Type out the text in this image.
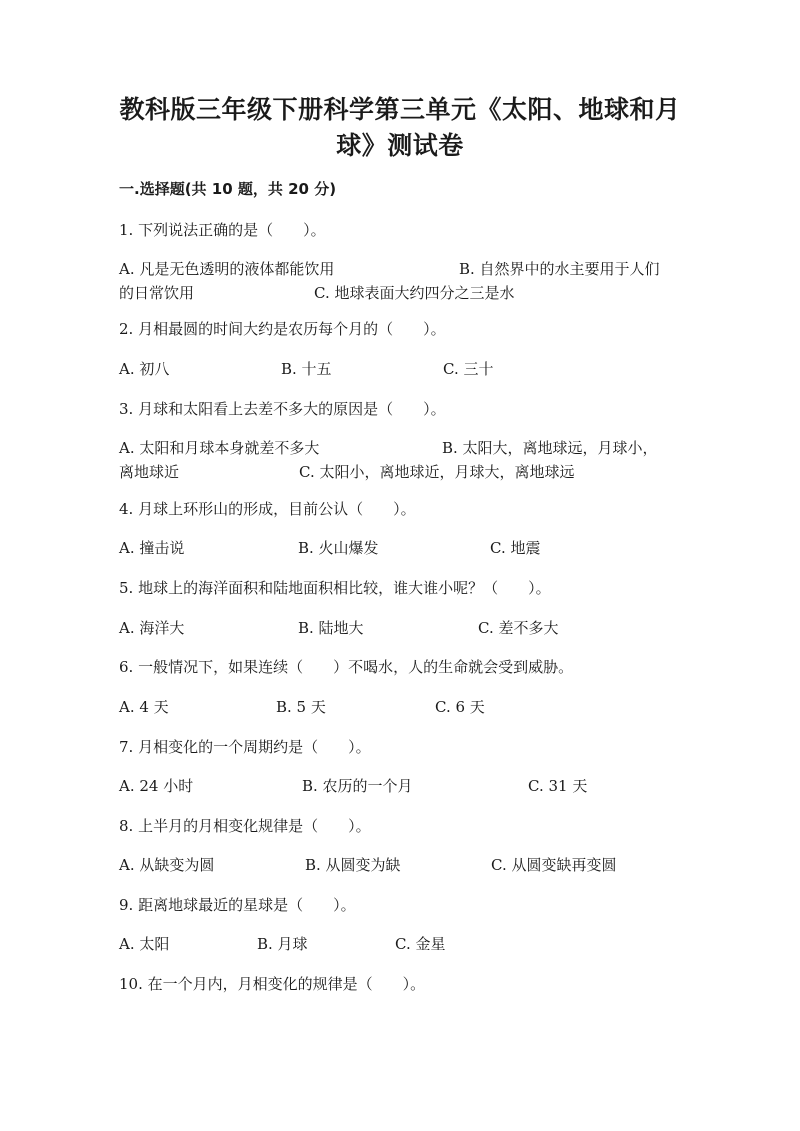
教科版三年级下册科学第三单元《太阳、地球和月球》测试卷
一.选择题(共 10 题，共 20 分)
1. 下列说法正确的是（　　）。
A. 凡是无色透明的液体都能饮用	B. 自然界中的水主要用于人们
的日常饮用	C. 地球表面大约四分之三是水
2. 月相最圆的时间大约是农历每个月的（　　）。
A. 初八	B. 十五	C. 三十
3. 月球和太阳看上去差不多大的原因是（　　）。
A. 太阳和月球本身就差不多大	B. 太阳大，离地球远，月球小，
离地球近	C. 太阳小，离地球近，月球大，离地球远
4. 月球上环形山的形成，目前公认（　　）。
A. 撞击说	B. 火山爆发	C. 地震
5. 地球上的海洋面积和陆地面积相比较，谁大谁小呢？（　　）。
A. 海洋大	B. 陆地大	C. 差不多大
6. 一般情况下，如果连续（　　）不喝水，人的生命就会受到威胁。
A. 4 天	B. 5 天	C. 6 天
7. 月相变化的一个周期约是（　　）。
A. 24 小时	B. 农历的一个月	C. 31 天
8. 上半月的月相变化规律是（　　）。
A. 从缺变为圆	B. 从圆变为缺	C. 从圆变缺再变圆
9. 距离地球最近的星球是（　　）。
A. 太阳	B. 月球	C. 金星
10. 在一个月内，月相变化的规律是（　　）。
